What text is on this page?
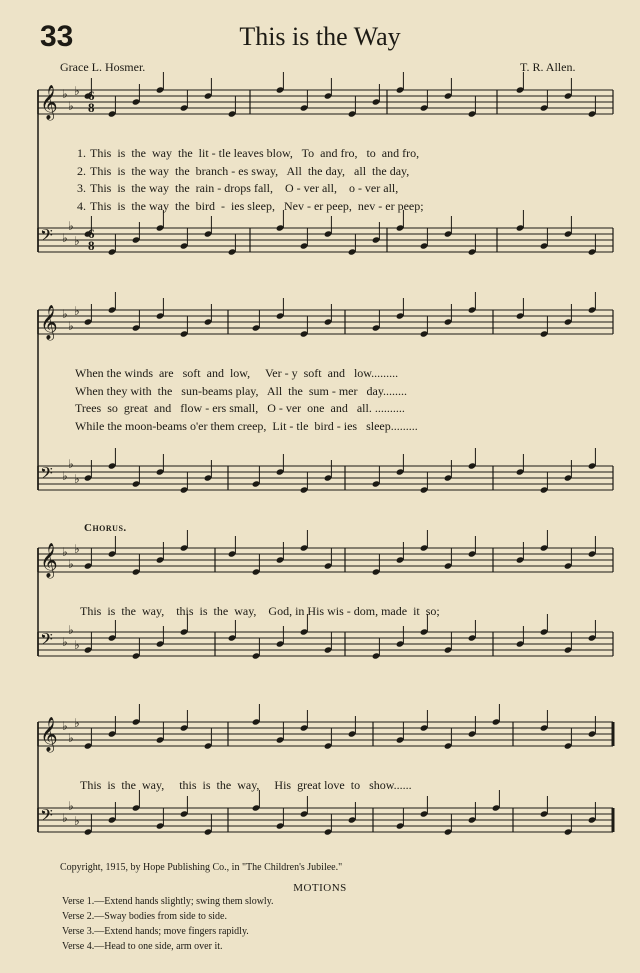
𝄞 ♭
♭
♭
𝄢 ♭
♭
♭
𝄞 ♭
♭
♭
𝄢 ♭
♭
♭
𝄞 ♭
♭
♭
𝄢 ♭
♭
♭
𝄞 ♭
♭
♭
𝄢 ♭
♭
♭
6
8
6
8
33	This is the Way
Grace L. Hosmer.	T. R. Allen.
1. This  is  the  way  the  lit - tle leaves blow,   To  and fro,   to  and fro,
2. This  is  the way  the  branch - es sway,   All  the day,   all  the day,
3. This  is  the way  the  rain - drops fall,    O - ver all,    o - ver all,
4. This  is  the way  the  bird  -  ies sleep,   Nev - er peep,  nev - er peep;
When the winds  are   soft  and  low,     Ver - y  soft  and   low.........
When they with  the   sun-beams play,   All  the  sum - mer   day........
Trees  so  great  and   flow - ers small,   O - ver  one  and   all. ..........
While the moon-beams o'er them creep,  Lit - tle  bird - ies   sleep.........
Chorus.
This  is  the  way,    this  is  the  way,    God, in His wis - dom, made  it  so;
This  is  the  way,     this  is  the  way,     His  great love  to   show......
Copyright, 1915, by Hope Publishing Co., in "The Children's Jubilee."
MOTIONS
Verse 1.—Extend hands slightly; swing them slowly.
Verse 2.—Sway bodies from side to side.
Verse 3.—Extend hands; move fingers rapidly.
Verse 4.—Head to one side, arm over it.
